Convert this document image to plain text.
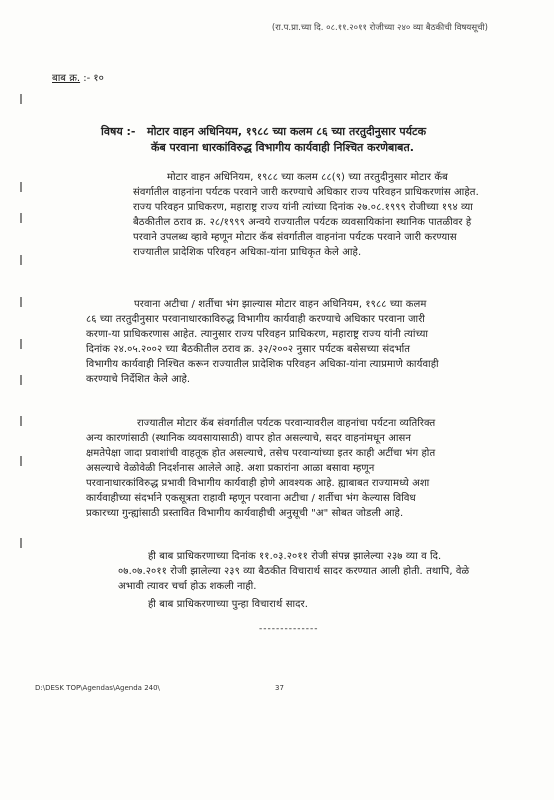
(रा.प.प्रा.च्या दि. ०८.११.२०११ रोजीच्या २४० व्या बैठकीची विषयसूची)
बाब क्र. :- १०
विषय :- मोटार वाहन अधिनियम, १९८८ च्या कलम ८६ च्या तरतुदीनुसार पर्यटक
कॅब परवाना धारकांविरुद्ध विभागीय कार्यवाही निश्चित करणेबाबत.
मोटार वाहन अधिनियम, १९८८ च्या कलम ८८(९) च्या तरतुदीनुसार मोटार कॅब
संवर्गातील वाहनांना पर्यटक परवाने जारी करण्याचे अधिकार राज्य परिवहन प्राधिकरणांस आहेत.
राज्य परिवहन प्राधिकरण, महाराष्ट्र राज्य यांनी त्यांच्या दिनांक २७.०८.१९९९ रोजीच्या १९४ व्या
बैठकीतील ठराव क्र. २८/१९९९ अन्वये राज्यातील पर्यटक व्यवसायिकांना स्थानिक पातळीवर हे
परवाने उपलब्ध व्हावे म्हणून मोटार कॅब संवर्गातील वाहनांना पर्यटक परवाने जारी करण्यास
राज्यातील प्रादेशिक परिवहन अधिका-यांना प्राधिकृत केले आहे.
परवाना अटीचा / शर्तीचा भंग झाल्यास मोटार वाहन अधिनियम, १९८८ च्या कलम
८६ च्या तरतुदीनुसार परवानाधारकाविरुद्ध विभागीय कार्यवाही करण्याचे अधिकार परवाना जारी
करणा-या प्राधिकरणास आहेत. त्यानुसार राज्य परिवहन प्राधिकरण, महाराष्ट्र राज्य यांनी त्यांच्या
दिनांक २४.०५.२००२ च्या बैठकीतील ठराव क्र. ३२/२००२ नुसार पर्यटक बसेसच्या संदर्भात
विभागीय कार्यवाही निश्चित करून राज्यातील प्रादेशिक परिवहन अधिका-यांना त्याप्रमाणे कार्यवाही
करण्याचे निर्देशित केले आहे.
राज्यातील मोटार कॅब संवर्गातील पर्यटक परवान्यावरील वाहनांचा पर्यटना व्यतिरिक्त
अन्य कारणांसाठी (स्थानिक व्यवसायासाठी) वापर होत असल्याचे, सदर वाहनांमधून आसन
क्षमतेपेक्षा जादा प्रवाशांची वाहतूक होत असल्याचे, तसेच परवान्यांच्या इतर काही अटींचा भंग होत
असल्याचे वेळोवेळी निदर्शनास आलेले आहे. अशा प्रकारांना आळा बसावा म्हणून
परवानाधारकांविरुद्ध प्रभावी विभागीय कार्यवाही होणे आवश्यक आहे. ह्याबाबत राज्यामध्ये अशा
कार्यवाहीच्या संदर्भाने एकसूत्रता राहावी म्हणून परवाना अटीचा / शर्तीचा भंग केल्यास विविध
प्रकारच्या गुन्ह्यांसाठी प्रस्तावित विभागीय कार्यवाहीची अनुसूची "अ" सोबत जोडली आहे.
ही बाब प्राधिकरणाच्या दिनांक ११.०३.२०११ रोजी संपन्न झालेल्या २३७ व्या व दि.
०७.०७.२०११ रोजी झालेल्या २३९ व्या बैठकीत विचारार्थ सादर करण्यात आली होती. तथापि, वेळे
अभावी त्यावर चर्चा होऊ शकली नाही.
ही बाब प्राधिकरणाच्या पुन्हा विचारार्थ सादर.
--------------
D:\DESK TOP\Agendas\Agenda 240\	37
